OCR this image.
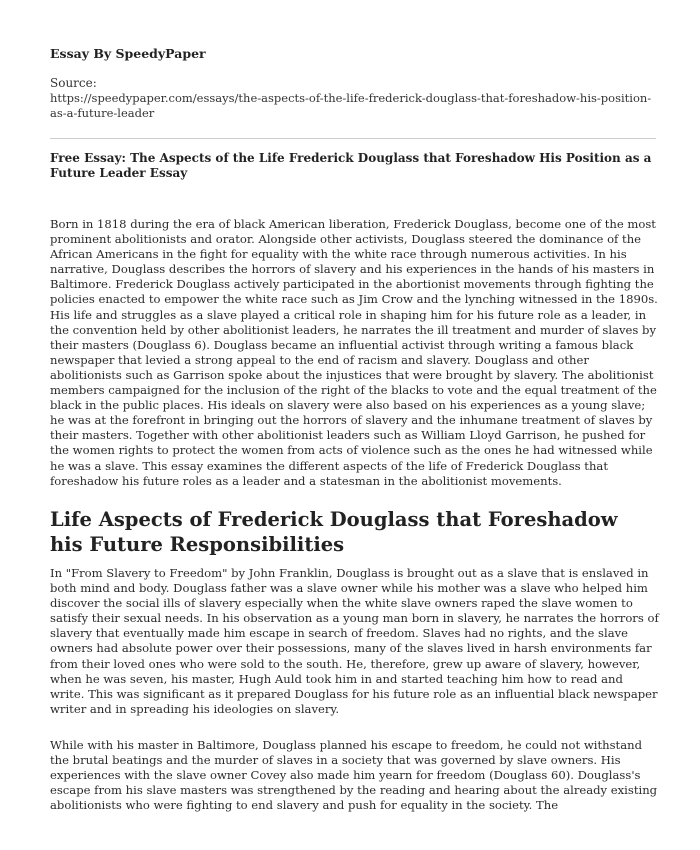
Essay By SpeedyPaper
Source:
https://speedypaper.com/essays/the-aspects-of-the-life-frederick-douglass-that-foreshadow-his-position-as-a-future-leader
Free Essay: The Aspects of the Life Frederick Douglass that Foreshadow His Position as a Future Leader Essay

Born in 1818 during the era of black American liberation, Frederick Douglass, become one of the most prominent abolitionists and orator. Alongside other activists, Douglass steered the dominance of the African Americans in the fight for equality with the white race through numerous activities. In his narrative, Douglass describes the horrors of slavery and his experiences in the hands of his masters in Baltimore. Frederick Douglass actively participated in the abortionist movements through fighting the policies enacted to empower the white race such as Jim Crow and the lynching witnessed in the 1890s. His life and struggles as a slave played a critical role in shaping him for his future role as a leader, in the convention held by other abolitionist leaders, he narrates the ill treatment and murder of slaves by their masters (Douglass 6). Douglass became an influential activist through writing a famous black newspaper that levied a strong appeal to the end of racism and slavery. Douglass and other abolitionists such as Garrison spoke about the injustices that were brought by slavery. The abolitionist members campaigned for the inclusion of the right of the blacks to vote and the equal treatment of the black in the public places. His ideals on slavery were also based on his experiences as a young slave; he was at the forefront in bringing out the horrors of slavery and the inhumane treatment of slaves by their masters. Together with other abolitionist leaders such as William Lloyd Garrison, he pushed for the women rights to protect the women from acts of violence such as the ones he had witnessed while he was a slave. This essay examines the different aspects of the life of Frederick Douglass that foreshadow his future roles as a leader and a statesman in the abolitionist movements.

Life Aspects of Frederick Douglass that Foreshadow his Future Responsibilities

In "From Slavery to Freedom" by John Franklin, Douglass is brought out as a slave that is enslaved in both mind and body. Douglass father was a slave owner while his mother was a slave who helped him discover the social ills of slavery especially when the white slave owners raped the slave women to satisfy their sexual needs. In his observation as a young man born in slavery, he narrates the horrors of slavery that eventually made him escape in search of freedom. Slaves had no rights, and the slave owners had absolute power over their possessions, many of the slaves lived in harsh environments far from their loved ones who were sold to the south. He, therefore, grew up aware of slavery, however, when he was seven, his master, Hugh Auld took him in and started teaching him how to read and write. This was significant as it prepared Douglass for his future role as an influential black newspaper writer and in spreading his ideologies on slavery.

While with his master in Baltimore, Douglass planned his escape to freedom, he could not withstand the brutal beatings and the murder of slaves in a society that was governed by slave owners. His experiences with the slave owner Covey also made him yearn for freedom (Douglass 60). Douglass's escape from his slave masters was strengthened by the reading and hearing about the already existing abolitionists who were fighting to end slavery and push for equality in the society. The
